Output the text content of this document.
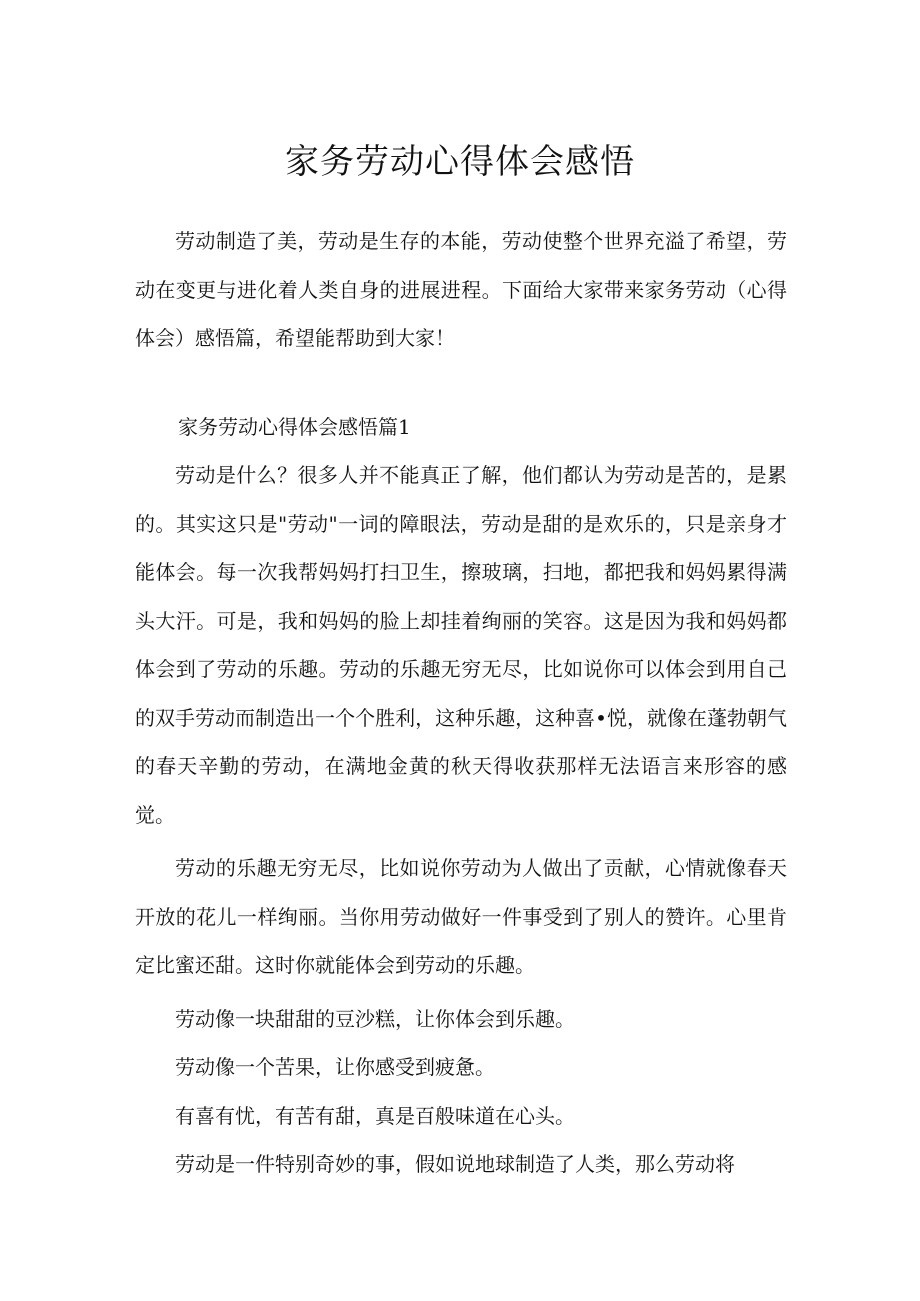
家务劳动心得体会感悟

劳动制造了美，劳动是生存的本能，劳动使整个世界充溢了希望，劳动在变更与进化着人类自身的进展进程。下面给大家带来家务劳动（心得体会）感悟篇，希望能帮助到大家！

家务劳动心得体会感悟篇1

劳动是什么？很多人并不能真正了解，他们都认为劳动是苦的，是累的。其实这只是"劳动"一词的障眼法，劳动是甜的是欢乐的，只是亲身才能体会。每一次我帮妈妈打扫卫生，擦玻璃，扫地，都把我和妈妈累得满头大汗。可是，我和妈妈的脸上却挂着绚丽的笑容。这是因为我和妈妈都体会到了劳动的乐趣。劳动的乐趣无穷无尽，比如说你可以体会到用自己的双手劳动而制造出一个个胜利，这种乐趣，这种喜•悦，就像在蓬勃朝气的春天辛勤的劳动，在满地金黄的秋天得收获那样无法语言来形容的感觉。

劳动的乐趣无穷无尽，比如说你劳动为人做出了贡献，心情就像春天开放的花儿一样绚丽。当你用劳动做好一件事受到了别人的赞许。心里肯定比蜜还甜。这时你就能体会到劳动的乐趣。

劳动像一块甜甜的豆沙糕，让你体会到乐趣。

劳动像一个苦果，让你感受到疲惫。

有喜有忧，有苦有甜，真是百般味道在心头。

劳动是一件特别奇妙的事，假如说地球制造了人类，那么劳动将
